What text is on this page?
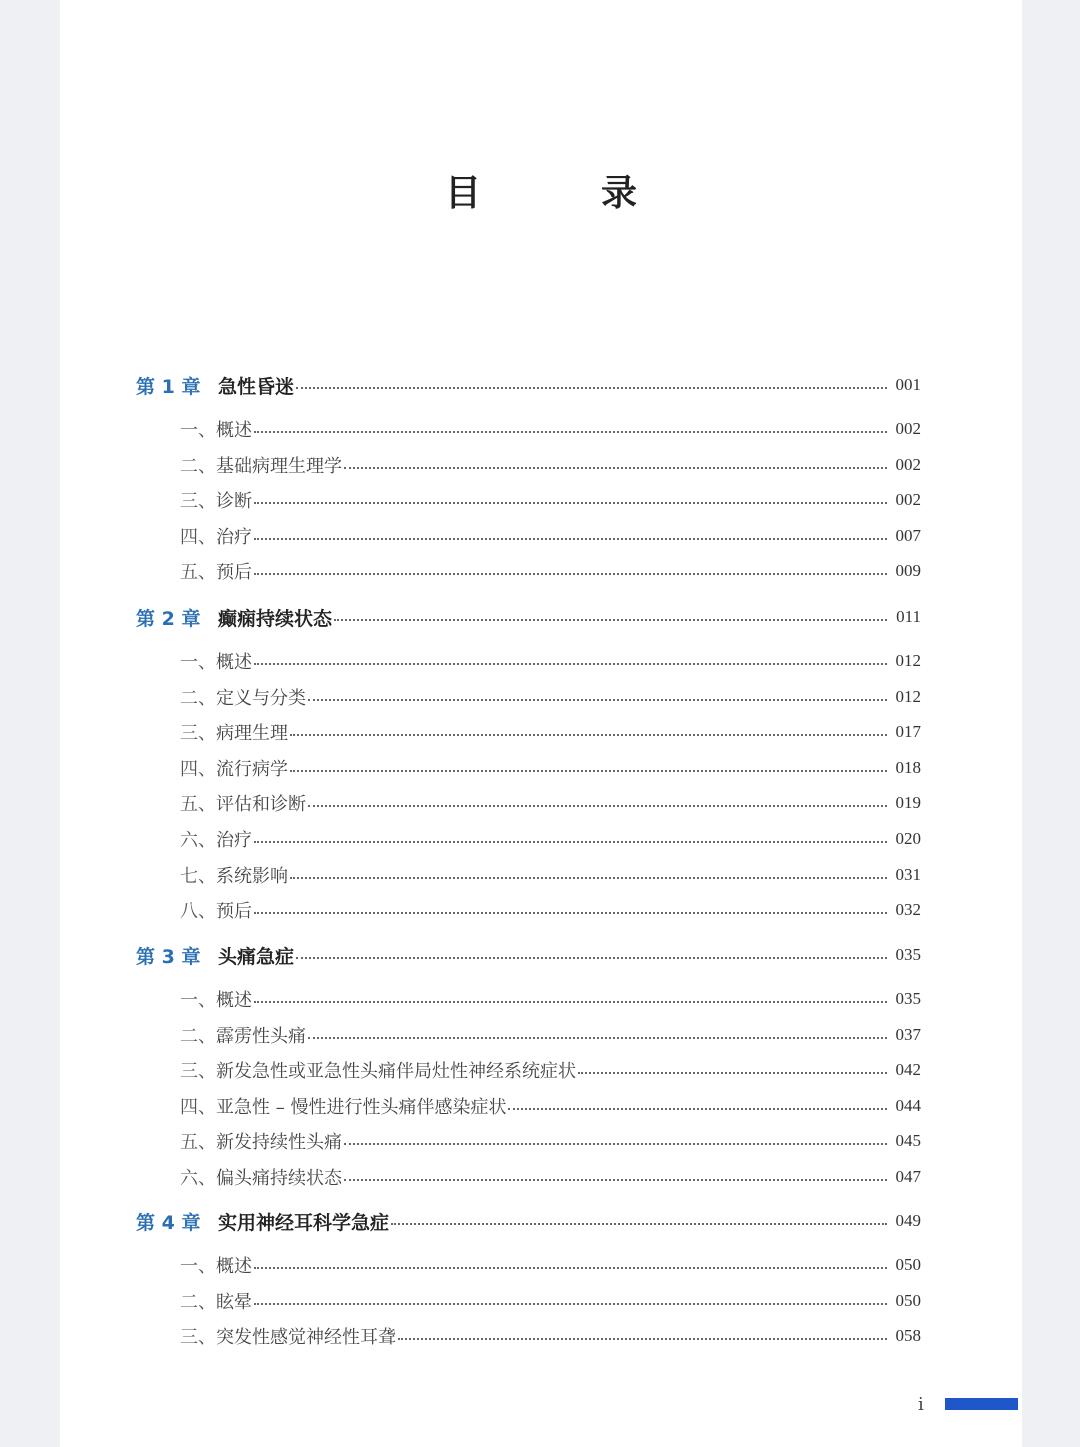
目　录
第 1 章 急性昏迷	001
一、 概述	002
二、 基础病理生理学	002
三、 诊断	002
四、 治疗	007
五、 预后	009
第 2 章 癫痫持续状态	011
一、 概述	012
二、 定义与分类	012
三、 病理生理	017
四、 流行病学	018
五、 评估和诊断	019
六、 治疗	020
七、 系统影响	031
八、 预后	032
第 3 章 头痛急症	035
一、 概述	035
二、 霹雳性头痛	037
三、 新发急性或亚急性头痛伴局灶性神经系统症状	042
四、 亚急性 – 慢性进行性头痛伴感染症状	044
五、 新发持续性头痛	045
六、 偏头痛持续状态	047
第 4 章 实用神经耳科学急症	049
一、 概述	050
二、 眩晕	050
三、 突发性感觉神经性耳聋	058
i
